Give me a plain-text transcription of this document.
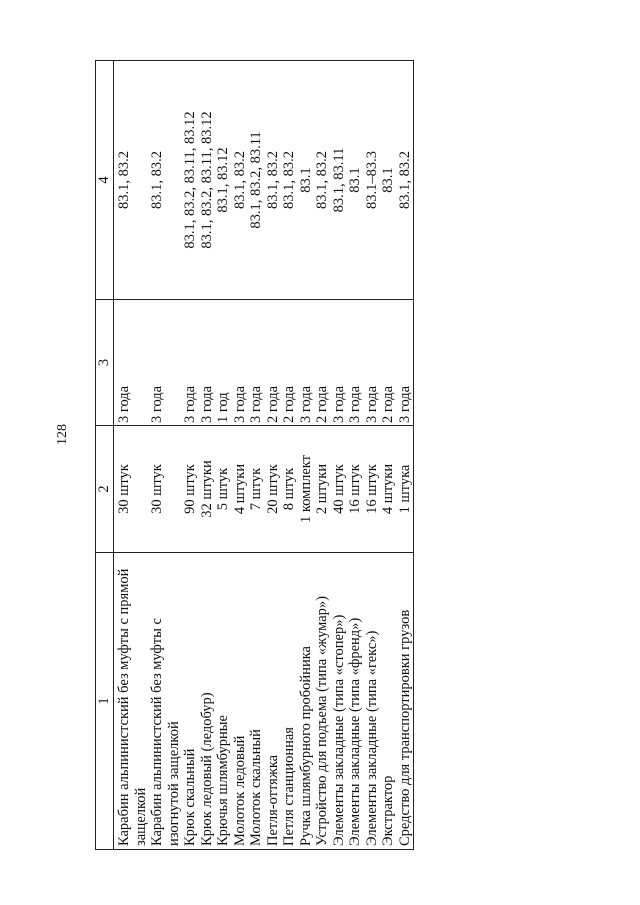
128
1	2	3	4
Карабин альпинистский без муфты с прямой защелкой	30 штук	3 года	83.1, 83.2
Карабин альпинистский без муфты с изогнутой защелкой	30 штук	3 года	83.1, 83.2
Крюк скальный	90 штук	3 года	83.1, 83.2, 83.11, 83.12
Крюк ледовый (ледобур)	32 штуки	3 года	83.1, 83.2, 83.11, 83.12
Крючья шлямбурные	5 штук	1 год	83.1, 83.12
Молоток ледовый	4 штуки	3 года	83.1, 83.2
Молоток скальный	7 штук	3 года	83.1, 83.2, 83.11
Петля-оттяжка	20 штук	2 года	83.1, 83.2
Петля станционная	8 штук	2 года	83.1, 83.2
Ручка шлямбурного пробойника	1 комплект	3 года	83.1
Устройство для подъема (типа «жумар»)	2 штуки	2 года	83.1, 83.2
Элементы закладные (типа «стопер»)	40 штук	3 года	83.1, 83.11
Элементы закладные (типа «френд»)	16 штук	3 года	83.1
Элементы закладные (типа «гекс»)	16 штук	3 года	83.1–83.3
Экстрактор	4 штуки	2 года	83.1
Средство для транспортировки грузов	1 штука	3 года	83.1, 83.2
